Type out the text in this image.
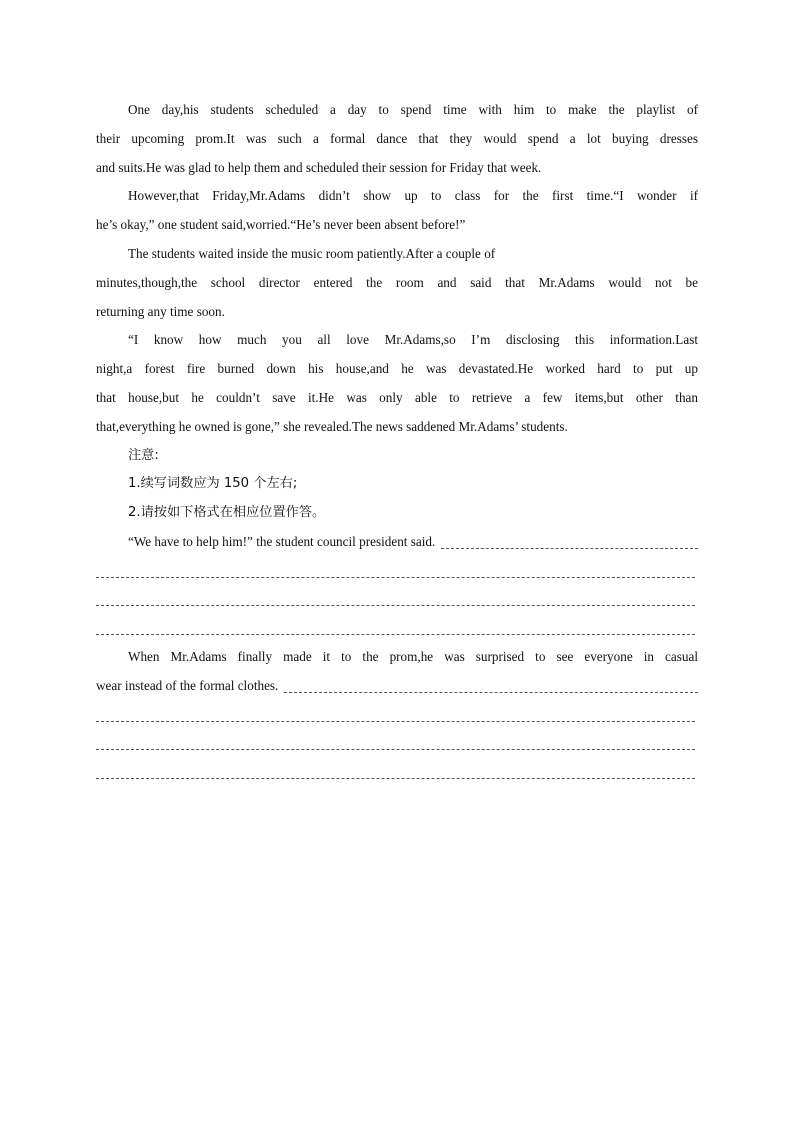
One day,his students scheduled a day to spend time with him to make the playlist of
their upcoming prom.It was such a formal dance that they would spend a lot buying dresses
and suits.He was glad to help them and scheduled their session for Friday that week.
However,that Friday,Mr.Adams didn’t show up to class for the first time.“I wonder if
he’s okay,” one student said,worried.“He’s never been absent before!”
The students waited inside the music room patiently.After a couple of
minutes,though,the school director entered the room and said that Mr.Adams would not be
returning any time soon.
“I know how much you all love Mr.Adams,so I’m disclosing this information.Last
night,a forest fire burned down his house,and he was devastated.He worked hard to put up
that house,but he couldn’t save it.He was only able to retrieve a few items,but other than
that,everything he owned is gone,” she revealed.The news saddened Mr.Adams’ students.
注意:
1.续写词数应为 150 个左右;
2.请按如下格式在相应位置作答。
“We have to help him!” the student council president said.
When Mr.Adams finally made it to the prom,he was surprised to see everyone in casual
wear instead of the formal clothes.
